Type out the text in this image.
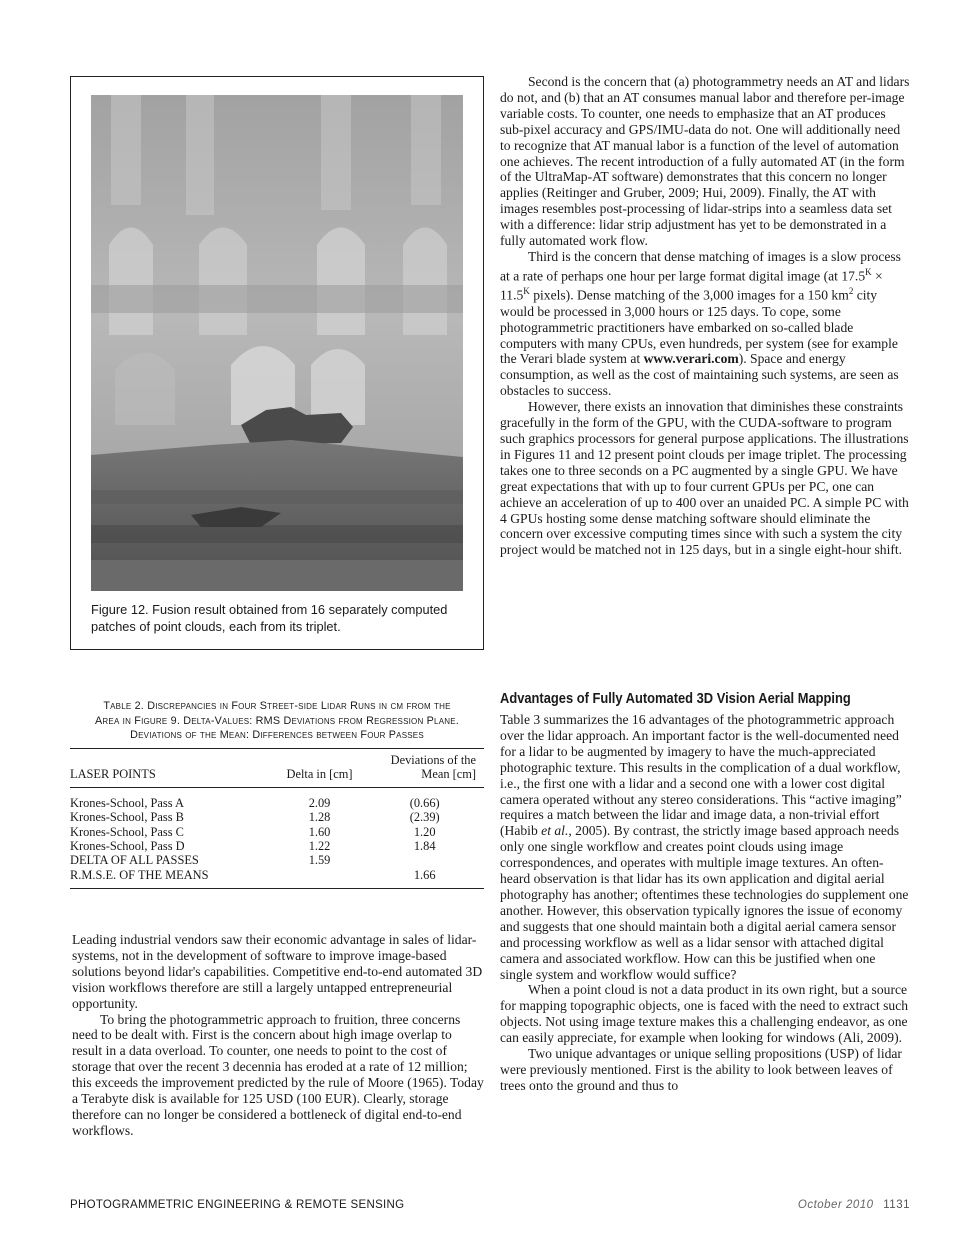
Figure 12. Fusion result obtained from 16 separately computed patches of point clouds, each from its triplet.

Second is the concern that (a) photogrammetry needs an AT and lidars do not, and (b) that an AT consumes manual labor and therefore per-image variable costs. To counter, one needs to emphasize that an AT produces sub-pixel accuracy and GPS/IMU-data do not. One will additionally need to recognize that AT manual labor is a function of the level of automation one achieves. The recent introduction of a fully automated AT (in the form of the UltraMap-AT software) demonstrates that this concern no longer applies (Reitinger and Gruber, 2009; Hui, 2009). Finally, the AT with images resembles post-processing of lidar-strips into a seamless data set with a difference: lidar strip adjustment has yet to be demonstrated in a fully automated work flow.

Third is the concern that dense matching of images is a slow process at a rate of perhaps one hour per large format digital image (at $17.5^K \times 11.5^K$ pixels). Dense matching of the 3,000 images for a 150 $km^2$ city would be processed in 3,000 hours or 125 days. To cope, some photogrammetric practitioners have embarked on so-called blade computers with many CPUs, even hundreds, per system (see for example the Verari blade system at www.verari.com). Space and energy consumption, as well as the cost of maintaining such systems, are seen as obstacles to success.

However, there exists an innovation that diminishes these constraints gracefully in the form of the GPU, with the CUDA-software to program such graphics processors for general purpose applications. The illustrations in Figures 11 and 12 present point clouds per image triplet. The processing takes one to three seconds on a PC augmented by a single GPU. We have great expectations that with up to four current GPUs per PC, one can achieve an acceleration of up to 400 over an unaided PC. A simple PC with 4 GPUs hosting some dense matching software should eliminate the concern over excessive computing times since with such a system the city project would be matched not in 125 days, but in a single eight-hour shift.

Table 2. Discrepancies in Four Street-side Lidar Runs in cm from the
Area in Figure 9. Delta-Values: RMS Deviations from Regression Plane.
Deviations of the Mean: Differences between Four Passes
LASER POINTS	Delta in [cm]	Deviations of the Mean [cm]
Krones-School, Pass A	2.09	(0.66)
Krones-School, Pass B	1.28	(2.39)
Krones-School, Pass C	1.60	1.20
Krones-School, Pass D	1.22	1.84
DELTA OF ALL PASSES	1.59	
R.M.S.E. OF THE MEANS		1.66

Leading industrial vendors saw their economic advantage in sales of lidar-systems, not in the development of software to improve image-based solutions beyond lidar's capabilities. Competitive end-to-end automated 3D vision workflows therefore are still a largely untapped entrepreneurial opportunity.

To bring the photogrammetric approach to fruition, three concerns need to be dealt with. First is the concern about high image overlap to result in a data overload. To counter, one needs to point to the cost of storage that over the recent 3 decennia has eroded at a rate of 12 million; this exceeds the improvement predicted by the rule of Moore (1965). Today a Terabyte disk is available for 125 USD (100 EUR). Clearly, storage therefore can no longer be considered a bottleneck of digital end-to-end workflows.

Advantages of Fully Automated 3D Vision Aerial Mapping

Table 3 summarizes the 16 advantages of the photogrammetric approach over the lidar approach. An important factor is the well-documented need for a lidar to be augmented by imagery to have the much-appreciated photographic texture. This results in the complication of a dual workflow, i.e., the first one with a lidar and a second one with a lower cost digital camera operated without any stereo considerations. This “active imaging” requires a match between the lidar and image data, a non-trivial effort (Habib et al., 2005). By contrast, the strictly image based approach needs only one single workflow and creates point clouds using image correspondences, and operates with multiple image textures. An often-heard observation is that lidar has its own application and digital aerial photography has another; oftentimes these technologies do supplement one another. However, this observation typically ignores the issue of economy and suggests that one should maintain both a digital aerial camera sensor and processing workflow as well as a lidar sensor with attached digital camera and associated workflow. How can this be justified when one single system and workflow would suffice?

When a point cloud is not a data product in its own right, but a source for mapping topographic objects, one is faced with the need to extract such objects. Not using image texture makes this a challenging endeavor, as one can easily appreciate, for example when looking for windows (Ali, 2009).

Two unique advantages or unique selling propositions (USP) of lidar were previously mentioned. First is the ability to look between leaves of trees onto the ground and thus to

PHOTOGRAMMETRIC ENGINEERING & REMOTE SENSING	October 2010 1131
